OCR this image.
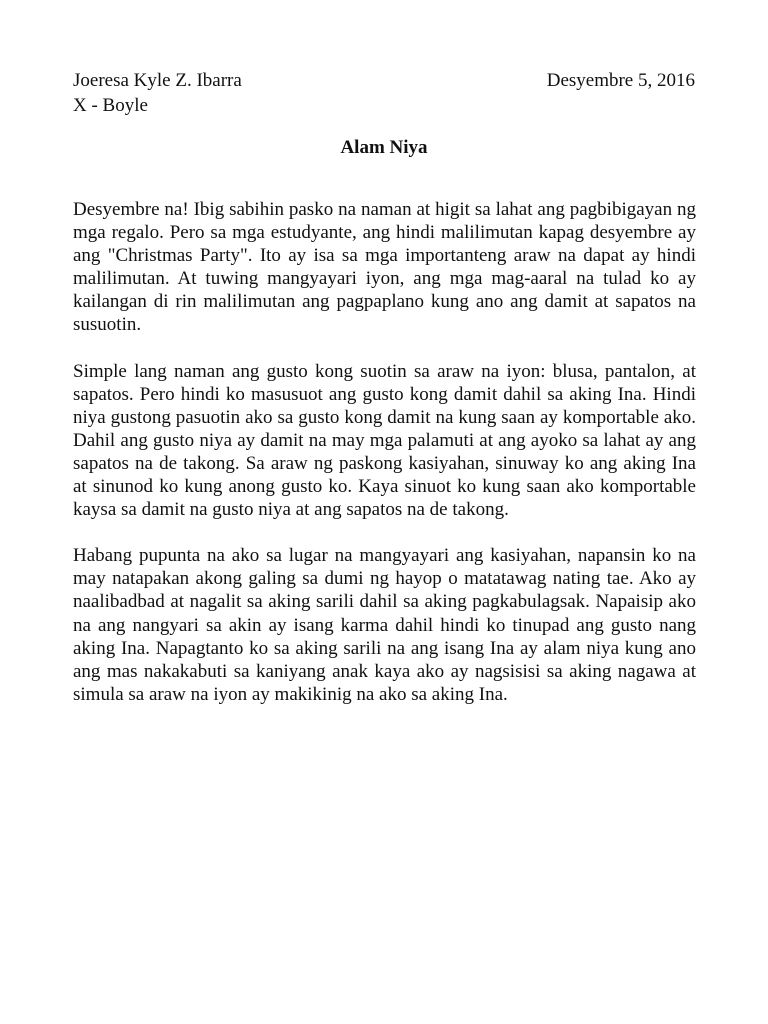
Joeresa Kyle Z. Ibarra	Desyembre 5, 2016
X - Boyle
Alam Niya

Desyembre na! Ibig sabihin pasko na naman at higit sa lahat ang pagbibigayan ng mga regalo. Pero sa mga estudyante, ang hindi malilimutan kapag desyembre ay ang "Christmas Party". Ito ay isa sa mga importanteng araw na dapat ay hindi malilimutan. At tuwing mangyayari iyon, ang mga mag-aaral na tulad ko ay kailangan di rin malilimutan ang pagpaplano kung ano ang damit at sapatos na susuotin.

Simple lang naman ang gusto kong suotin sa araw na iyon: blusa, pantalon, at sapatos. Pero hindi ko masusuot ang gusto kong damit dahil sa aking Ina. Hindi niya gustong pasuotin ako sa gusto kong damit na kung saan ay komportable ako. Dahil ang gusto niya ay damit na may mga palamuti at ang ayoko sa lahat ay ang sapatos na de takong. Sa araw ng paskong kasiyahan, sinuway ko ang aking Ina at sinunod ko kung anong gusto ko. Kaya sinuot ko kung saan ako komportable kaysa sa damit na gusto niya at ang sapatos na de takong.

Habang pupunta na ako sa lugar na mangyayari ang kasiyahan, napansin ko na may natapakan akong galing sa dumi ng hayop o matatawag nating tae. Ako ay naalibadbad at nagalit sa aking sarili dahil sa aking pagkabulagsak. Napaisip ako na ang nangyari sa akin ay isang karma dahil hindi ko tinupad ang gusto nang aking Ina. Napagtanto ko sa aking sarili na ang isang Ina ay alam niya kung ano ang mas nakakabuti sa kaniyang anak kaya ako ay nagsisisi sa aking nagawa at simula sa araw na iyon ay makikinig na ako sa aking Ina.
